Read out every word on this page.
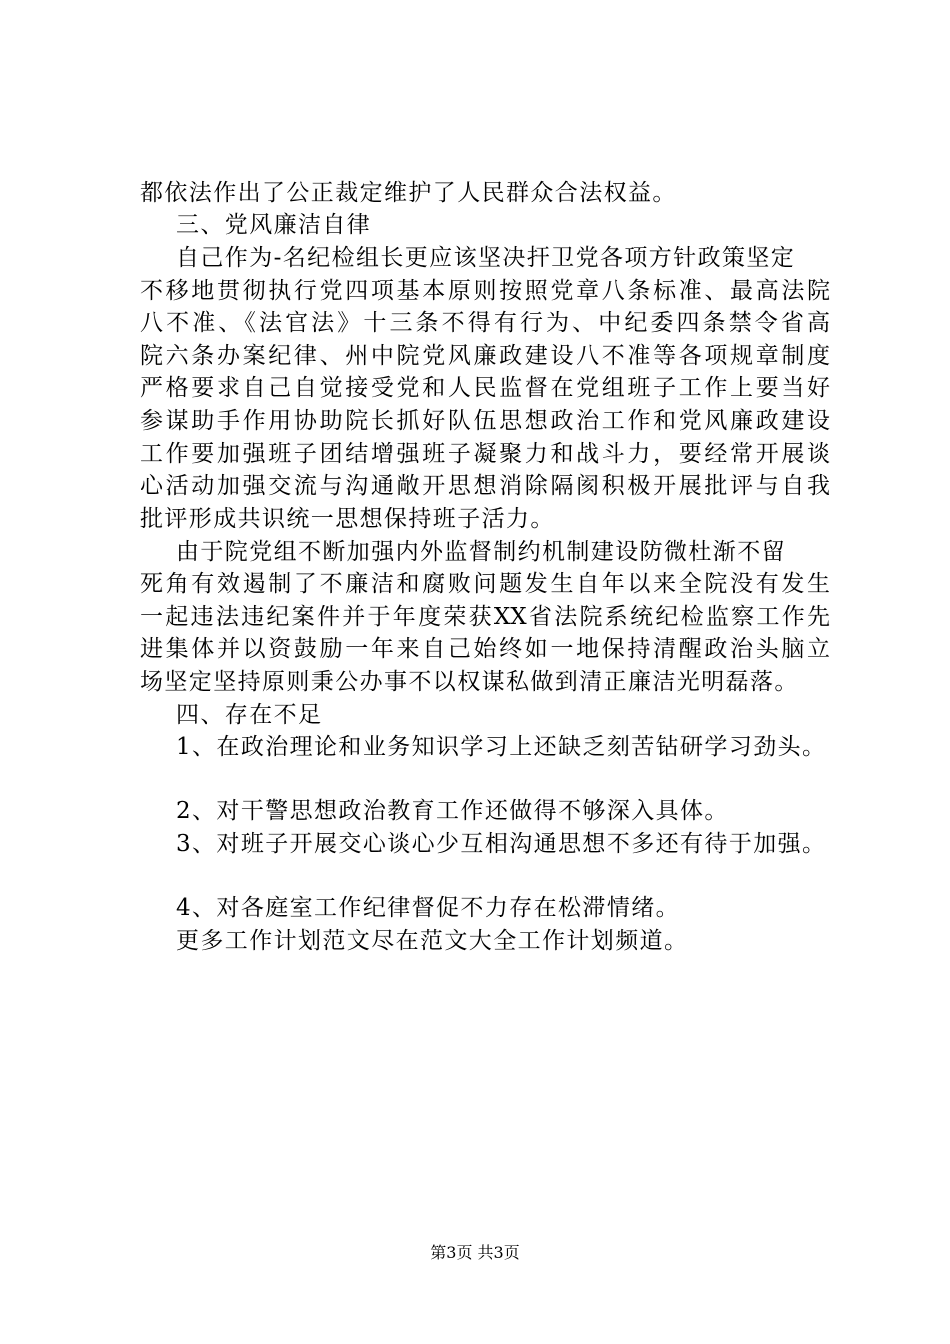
都依法作出了公正裁定维护了人民群众合法权益。
三、党风廉洁自律
自己作为-名纪检组长更应该坚决扞卫党各项方针政策坚定
不移地贯彻执行党四项基本原则按照党章八条标准、最高法院
八不准、《法官法》十三条不得有行为、中纪委四条禁令省高
院六条办案纪律、州中院党风廉政建设八不准等各项规章制度
严格要求自己自觉接受党和人民监督在党组班子工作上要当好
参谋助手作用协助院长抓好队伍思想政治工作和党风廉政建设
工作要加强班子团结增强班子凝聚力和战斗力，要经常开展谈
心活动加强交流与沟通敞开思想消除隔阂积极开展批评与自我
批评形成共识统一思想保持班子活力。
由于院党组不断加强内外监督制约机制建设防微杜渐不留
死角有效遏制了不廉洁和腐败问题发生自年以来全院没有发生
一起违法违纪案件并于年度荣获XX省法院系统纪检监察工作先
进集体并以资鼓励一年来自己始终如一地保持清醒政治头脑立
场坚定坚持原则秉公办事不以权谋私做到清正廉洁光明磊落。
四、存在不足
1、在政治理论和业务知识学习上还缺乏刻苦钻研学习劲头。
2、对干警思想政治教育工作还做得不够深入具体。
3、对班子开展交心谈心少互相沟通思想不多还有待于加强。
4、对各庭室工作纪律督促不力存在松滞情绪。
更多工作计划范文尽在范文大全工作计划频道。
第3页 共3页
